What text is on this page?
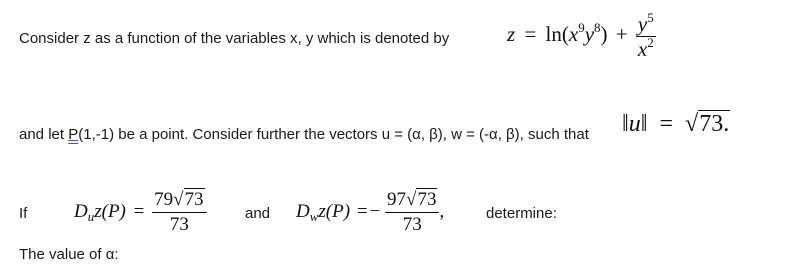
Consider z as a function of the variables x, y which is denoted by	$z = \ln(x^9y^8) + \frac{y^5}{x^2}$
and let P(1,-1) be a point. Consider further the vectors u = (α, β), w = (-α, β), such that ‖u‖ = √73.
If $D_uz(P) = \frac{79√73}{73}$	and $D_wz(P)$ = − $\frac{97√73}{73}$ ,	determine:
The value of α:
